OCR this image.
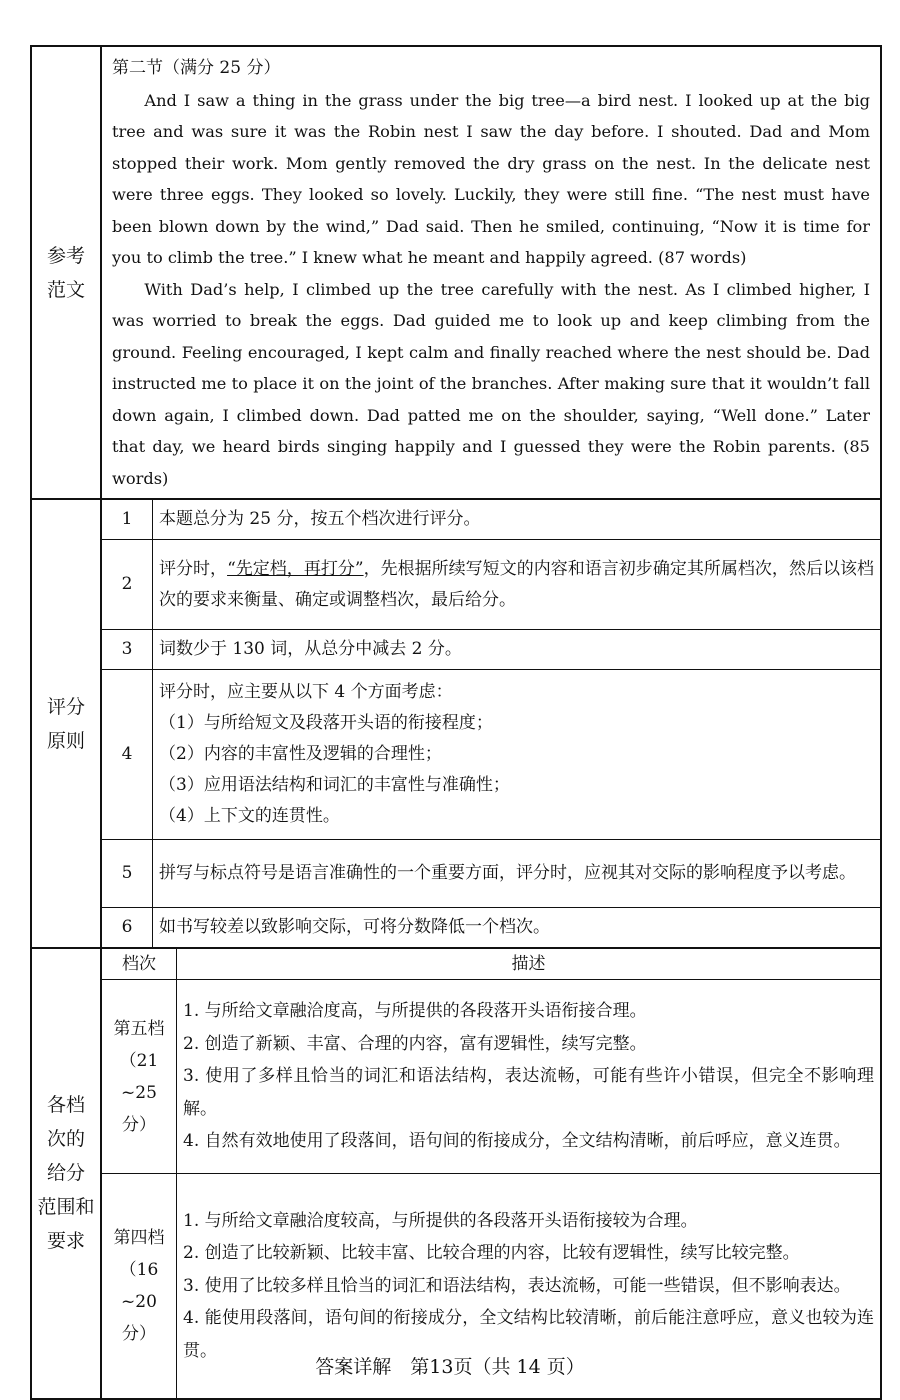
参考
范文

第二节（满分 25 分）

And I saw a thing in the grass under the big tree—a bird nest. I looked up at the big tree and was sure it was the Robin nest I saw the day before. I shouted. Dad and Mom stopped their work. Mom gently removed the dry grass on the nest. In the delicate nest were three eggs. They looked so lovely. Luckily, they were still fine. “The nest must have been blown down by the wind,” Dad said. Then he smiled, continuing, “Now it is time for you to climb the tree.” I knew what he meant and happily agreed. (87 words)

With Dad’s help, I climbed up the tree carefully with the nest. As I climbed higher, I was worried to break the eggs. Dad guided me to look up and keep climbing from the ground. Feeling encouraged, I kept calm and finally reached where the nest should be. Dad instructed me to place it on the joint of the branches. After making sure that it wouldn’t fall down again, I climbed down. Dad patted me on the shoulder, saying, “Well done.” Later that day, we heard birds singing happily and I guessed they were the Robin parents. (85 words)

评分
原则

1	本题总分为 25 分，按五个档次进行评分。
2	评分时，“先定档，再打分”，先根据所续写短文的内容和语言初步确定其所属档次，然后以该档次的要求来衡量、确定或调整档次，最后给分。
3	词数少于 130 词，从总分中减去 2 分。
4	
评分时，应主要从以下 4 个方面考虑：
（1）与所给短文及段落开头语的衔接程度；
（2）内容的丰富性及逻辑的合理性；
（3）应用语法结构和词汇的丰富性与准确性；
（4）上下文的连贯性。

5	拼写与标点符号是语言准确性的一个重要方面，评分时，应视其对交际的影响程度予以考虑。
6	如书写较差以致影响交际，可将分数降低一个档次。

各档
次的
给分
范围和
要求

档次	描述

第五档
（21 ~25
分）

1. 与所给文章融洽度高，与所提供的各段落开头语衔接合理。
2. 创造了新颖、丰富、合理的内容，富有逻辑性，续写完整。
3. 使用了多样且恰当的词汇和语法结构，表达流畅，可能有些许小错误，但完全不影响理解。
4. 自然有效地使用了段落间，语句间的衔接成分，全文结构清晰，前后呼应，意义连贯。

第四档
（16 ~20
分）

1. 与所给文章融洽度较高，与所提供的各段落开头语衔接较为合理。
2. 创造了比较新颖、比较丰富、比较合理的内容，比较有逻辑性，续写比较完整。
3. 使用了比较多样且恰当的词汇和语法结构，表达流畅，可能一些错误，但不影响表达。
4. 能使用段落间，语句间的衔接成分，全文结构比较清晰，前后能注意呼应，意义也较为连贯。
答案详解　第13页（共 14 页）
